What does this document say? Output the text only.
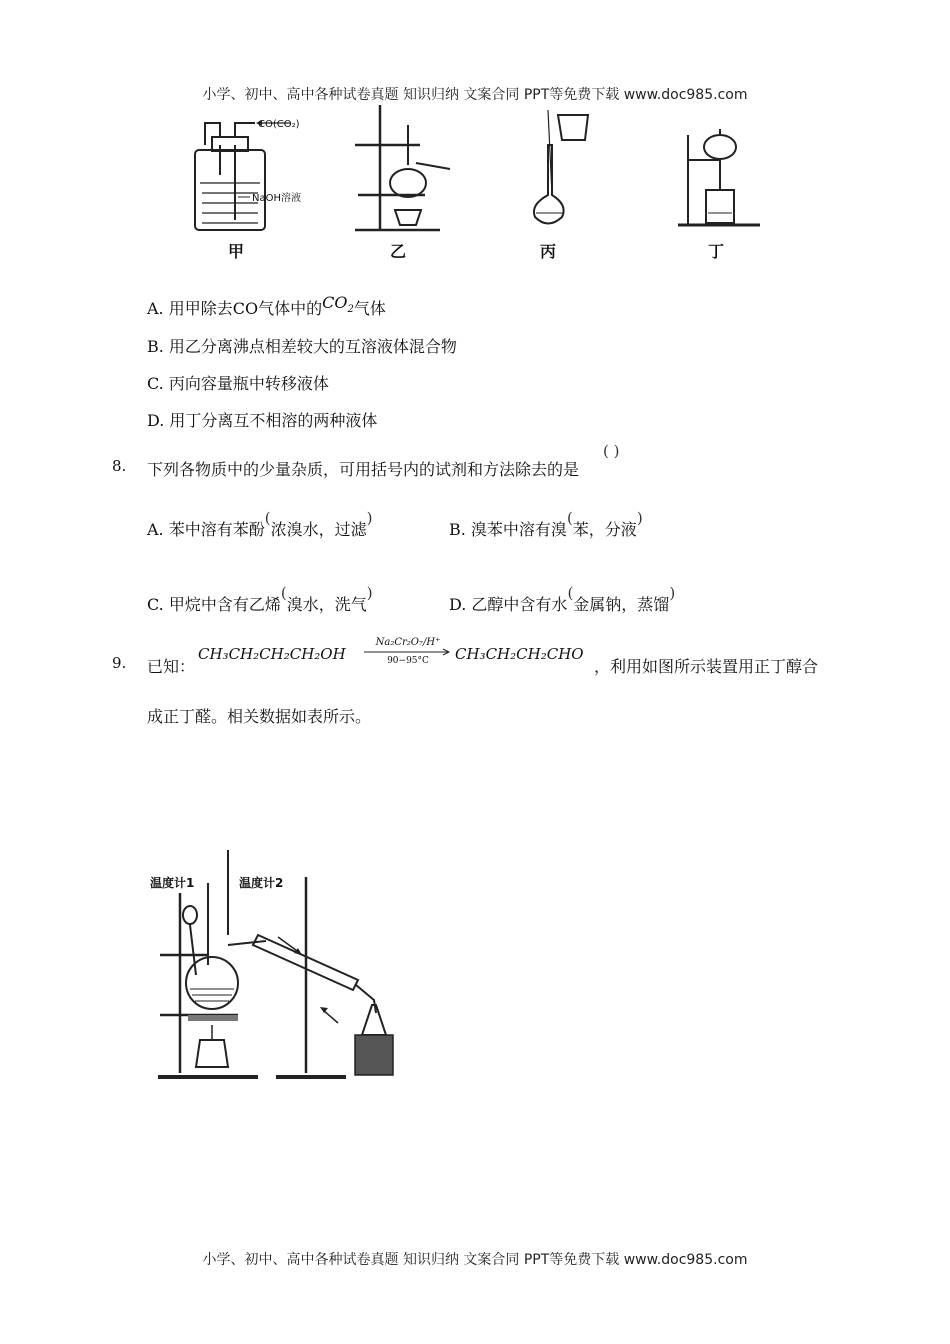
小学、初中、高中各种试卷真题 知识归纳 文案合同 PPT等免费下载 www.doc985.com
CO(CO₂)
NaOH溶液
甲	乙	丙	丁
A. 用甲除去CO气体中的$CO_2$气体
B. 用乙分离沸点相差较大的互溶液体混合物
C. 丙向容量瓶中转移液体
D. 用丁分离互不相溶的两种液体
8. 下列各物质中的少量杂质，可用括号内的试剂和方法除去的是
( )
A. 苯中溶有苯酚(浓溴水，过滤)
B. 溴苯中溶有溴(苯，分液)
C. 甲烷中含有乙烯(溴水，洗气)
D. 乙醇中含有水(金属钠，蒸馏)
9. 已知：
CH₃CH₂CH₂CH₂OH
Na₂Cr₂O₇/H⁺
90−95°C	CH₃CH₂CH₂CHO
，利用如图所示装置用正丁醇合
成正丁醛。相关数据如表所示。
温度计1	温度计2
小学、初中、高中各种试卷真题 知识归纳 文案合同 PPT等免费下载 www.doc985.com
